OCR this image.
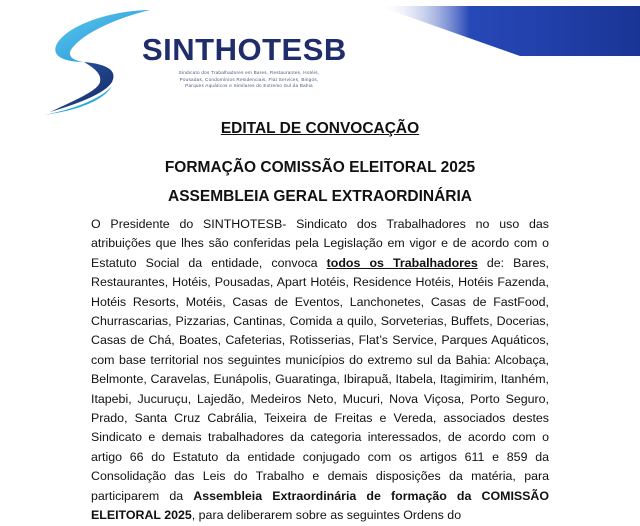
SINTHOTESB
Sindicato dos Trabalhadores em Bares, Restaurantes, Hotéis,
Pousadas, Condomínios Residenciais, Flat Services, Bingos,
Parques Aquáticos e Similares do Extremo Sul da Bahia
EDITAL DE CONVOCAÇÃO
FORMAÇÃO COMISSÃO ELEITORAL 2025
ASSEMBLEIA GERAL EXTRAORDINÁRIA
O Presidente do SINTHOTESB- Sindicato dos Trabalhadores no uso das atribuições que lhes são conferidas pela Legislação em vigor e de acordo com o Estatuto Social da entidade, convoca todos os Trabalhadores de: Bares, Restaurantes, Hotéis, Pousadas, Apart Hotéis, Residence Hotéis, Hotéis Fazenda, Hotéis Resorts, Motéis, Casas de Eventos, Lanchonetes, Casas de FastFood, Churrascarias, Pizzarias, Cantinas, Comida a quilo, Sorveterias, Buffets, Docerias, Casas de Chá, Boates, Cafeterias, Rotisserias, Flat’s Service, Parques Aquáticos, com base territorial nos seguintes municípios do extremo sul da Bahia: Alcobaça, Belmonte, Caravelas, Eunápolis, Guaratinga, Ibirapuã, Itabela, Itagimirim, Itanhém, Itapebi, Jucuruçu, Lajedão, Medeiros Neto, Mucuri, Nova Viçosa, Porto Seguro, Prado, Santa Cruz Cabrália, Teixeira de Freitas e Vereda, associados destes Sindicato e demais trabalhadores da categoria interessados, de acordo com o artigo 66 do Estatuto da entidade conjugado com os artigos 611 e 859 da Consolidação das Leis do Trabalho e demais disposições da matéria, para participarem da Assembleia Extraordinária de formação da COMISSÃO ELEITORAL 2025, para deliberarem sobre as seguintes Ordens do
